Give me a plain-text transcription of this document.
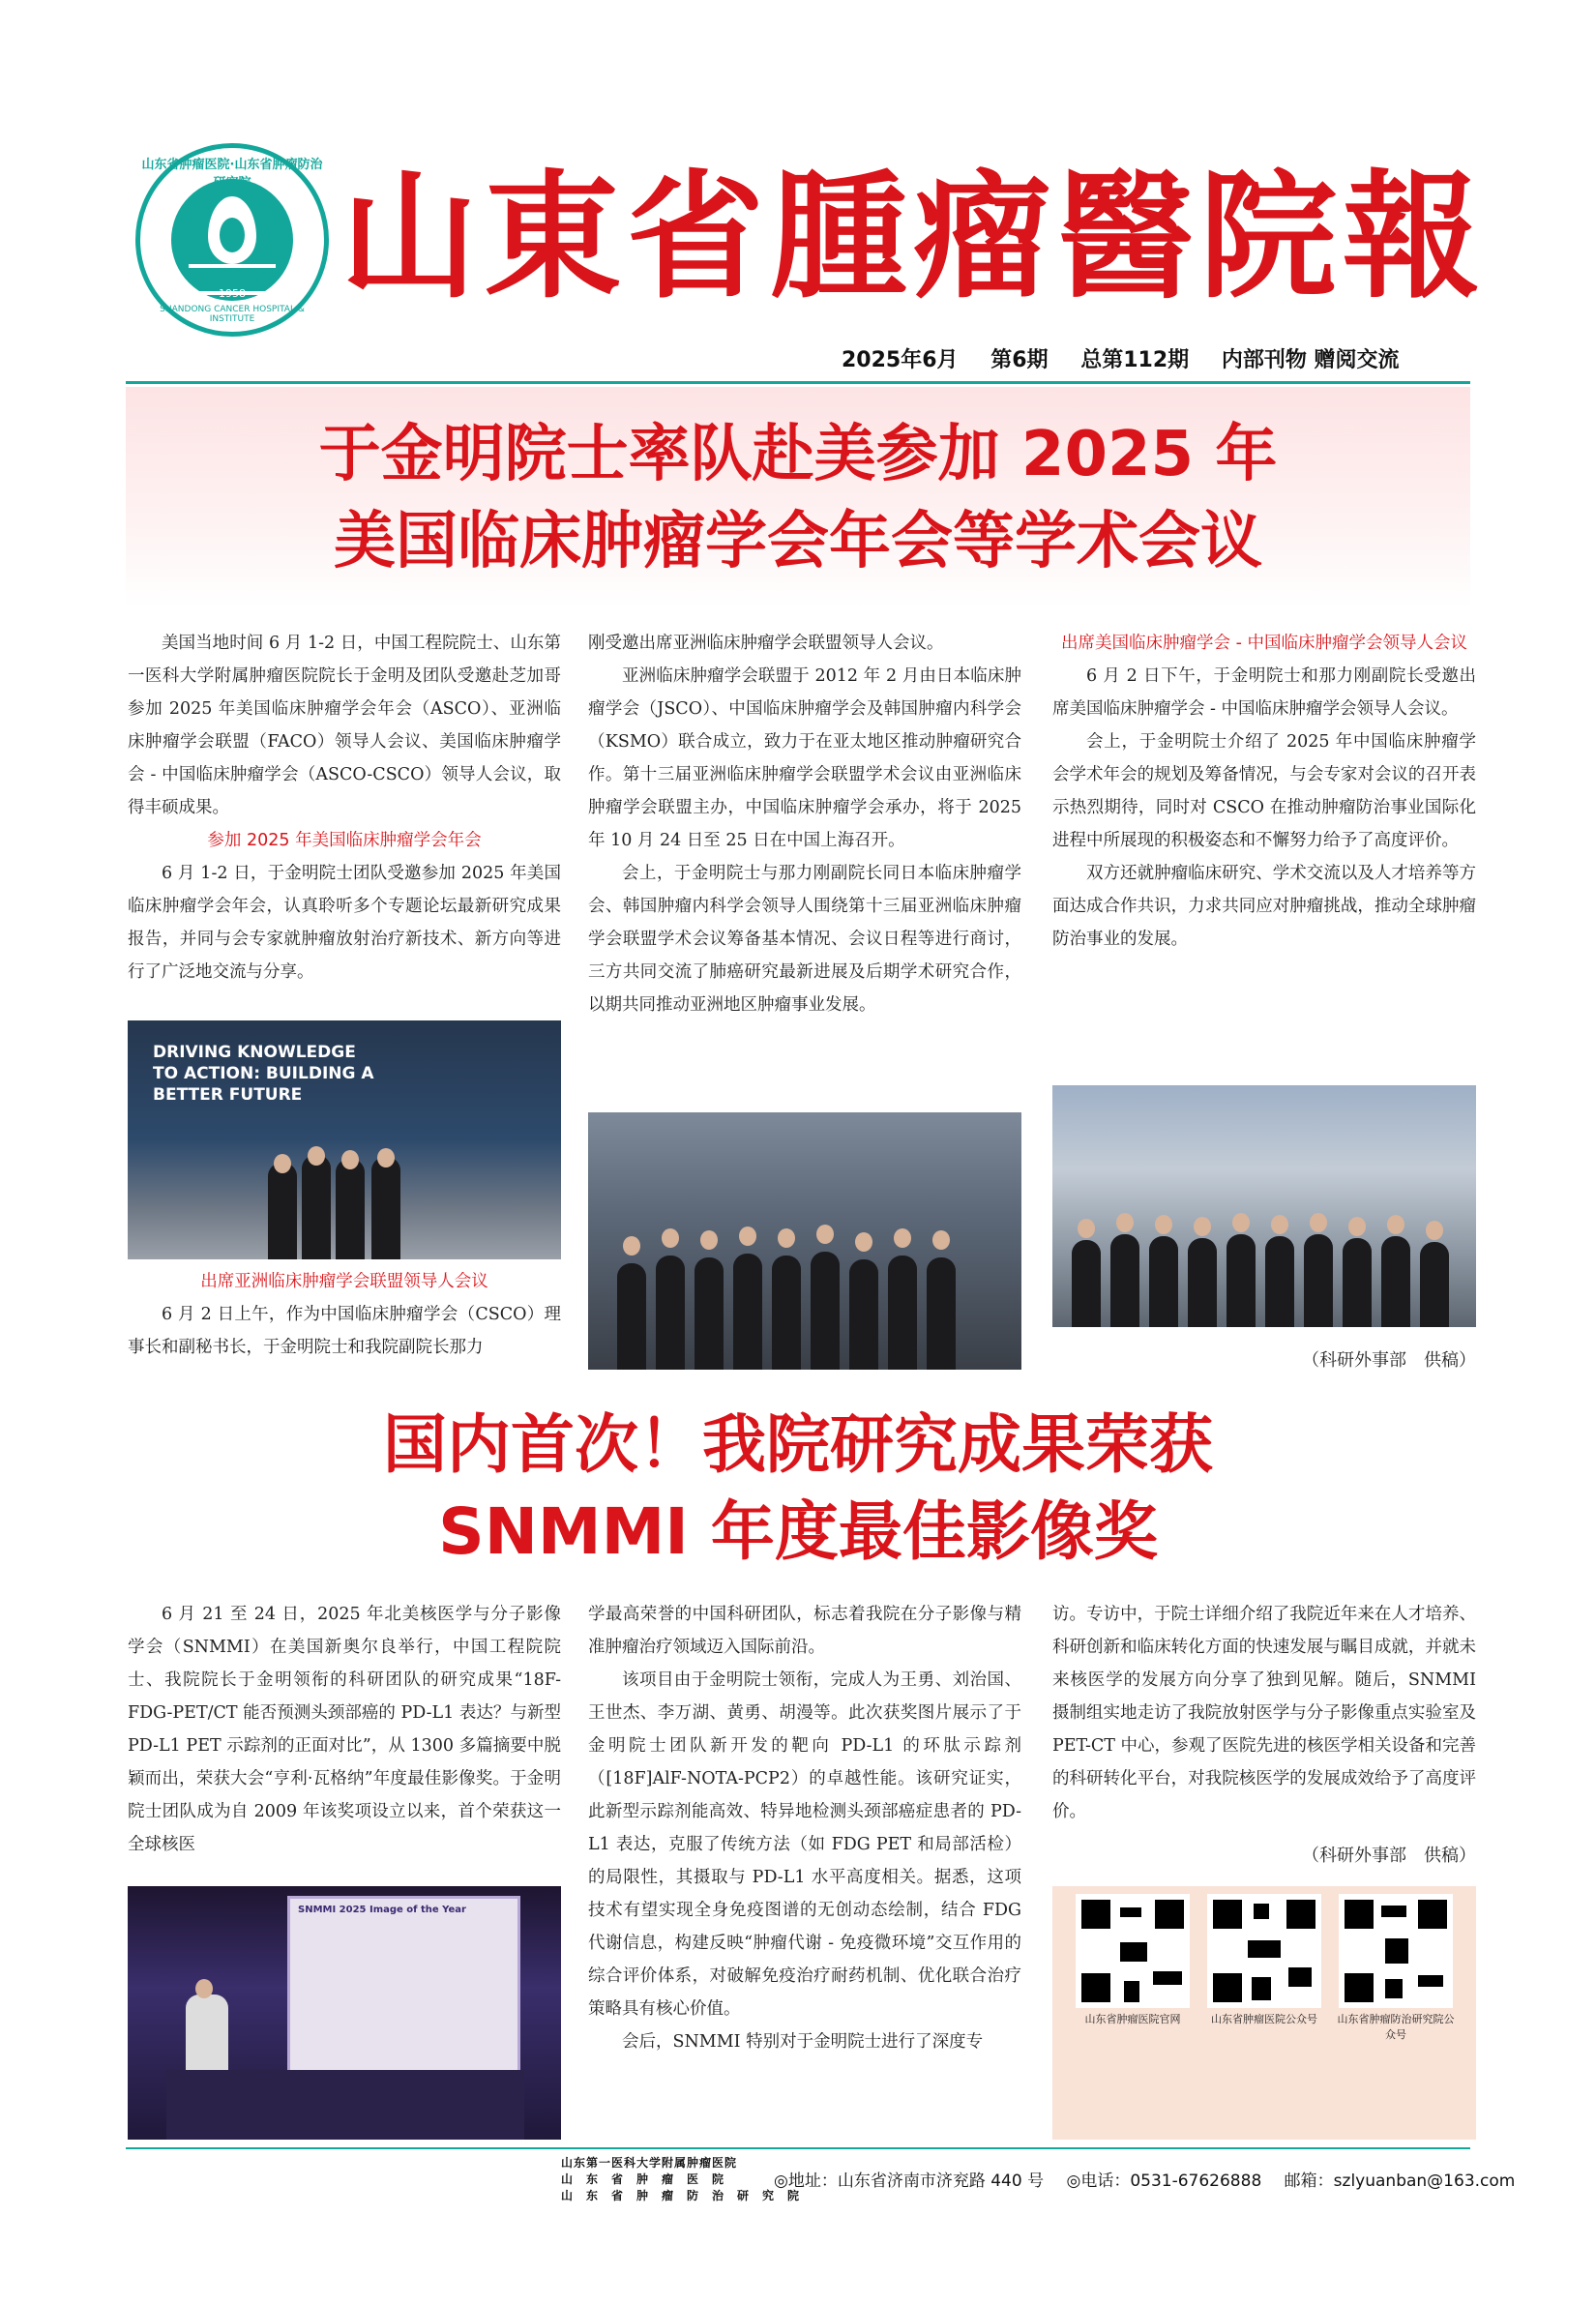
山东省肿瘤医院·山东省肿瘤防治
1958
SHANDONG CANCER HOSPITAL & INSTITUTE
山東省腫瘤醫院報
2025年6月 第6期 总第112期 内部刊物 赠阅交流
于金明院士率队赴美参加 2025 年
美国临床肿瘤学会年会等学术会议

美国当地时间 6 月 1-2 日，中国工程院院士、山东第一医科大学附属肿瘤医院院长于金明及团队受邀赴芝加哥参加 2025 年美国临床肿瘤学会年会（ASCO）、亚洲临床肿瘤学会联盟（FACO）领导人会议、美国临床肿瘤学会 - 中国临床肿瘤学会（ASCO-CSCO）领导人会议，取得丰硕成果。

参加 2025 年美国临床肿瘤学会年会

6 月 1-2 日，于金明院士团队受邀参加 2025 年美国临床肿瘤学会年会，认真聆听多个专题论坛最新研究成果报告，并同与会专家就肿瘤放射治疗新技术、新方向等进行了广泛地交流与分享。

DRIVING KNOWLEDGE TO ACTION: BUILDING A BETTER FUTURE
出席亚洲临床肿瘤学会联盟领导人会议

6 月 2 日上午，作为中国临床肿瘤学会（CSCO）理事长和副秘书长，于金明院士和我院副院长那力

刚受邀出席亚洲临床肿瘤学会联盟领导人会议。

亚洲临床肿瘤学会联盟于 2012 年 2 月由日本临床肿瘤学会（JSCO）、中国临床肿瘤学会及韩国肿瘤内科学会（KSMO）联合成立，致力于在亚太地区推动肿瘤研究合作。第十三届亚洲临床肿瘤学会联盟学术会议由亚洲临床肿瘤学会联盟主办，中国临床肿瘤学会承办，将于 2025 年 10 月 24 日至 25 日在中国上海召开。

会上，于金明院士与那力刚副院长同日本临床肿瘤学会、韩国肿瘤内科学会领导人围绕第十三届亚洲临床肿瘤学会联盟学术会议筹备基本情况、会议日程等进行商讨，三方共同交流了肺癌研究最新进展及后期学术研究合作，以期共同推动亚洲地区肿瘤事业发展。

出席美国临床肿瘤学会 - 中国临床肿瘤学会领导人会议

6 月 2 日下午，于金明院士和那力刚副院长受邀出席美国临床肿瘤学会 - 中国临床肿瘤学会领导人会议。

会上，于金明院士介绍了 2025 年中国临床肿瘤学会学术年会的规划及筹备情况，与会专家对会议的召开表示热烈期待，同时对 CSCO 在推动肿瘤防治事业国际化进程中所展现的积极姿态和不懈努力给予了高度评价。

双方还就肿瘤临床研究、学术交流以及人才培养等方面达成合作共识，力求共同应对肿瘤挑战，推动全球肿瘤防治事业的发展。

（科研外事部　供稿）
国内首次！我院研究成果荣获
SNMMI 年度最佳影像奖

6 月 21 至 24 日，2025 年北美核医学与分子影像学会（SNMMI）在美国新奥尔良举行，中国工程院院士、我院院长于金明领衔的科研团队的研究成果“18F-FDG-PET/CT 能否预测头颈部癌的 PD-L1 表达？与新型 PD-L1 PET 示踪剂的正面对比”，从 1300 多篇摘要中脱颖而出，荣获大会“亨利·瓦格纳”年度最佳影像奖。于金明院士团队成为自 2009 年该奖项设立以来，首个荣获这一全球核医

SNMMI 2025 Image of the Year

学最高荣誉的中国科研团队，标志着我院在分子影像与精准肿瘤治疗领域迈入国际前沿。

该项目由于金明院士领衔，完成人为王勇、刘治国、王世杰、李万湖、黄勇、胡漫等。此次获奖图片展示了于金明院士团队新开发的靶向 PD-L1 的环肽示踪剂（[18F]AlF-NOTA-PCP2）的卓越性能。该研究证实，此新型示踪剂能高效、特异地检测头颈部癌症患者的 PD-L1 表达，克服了传统方法（如 FDG PET 和局部活检）的局限性，其摄取与 PD-L1 水平高度相关。据悉，这项技术有望实现全身免疫图谱的无创动态绘制，结合 FDG 代谢信息，构建反映“肿瘤代谢 - 免疫微环境”交互作用的综合评价体系，对破解免疫治疗耐药机制、优化联合治疗策略具有核心价值。

会后，SNMMI 特别对于金明院士进行了深度专

访。专访中，于院士详细介绍了我院近年来在人才培养、科研创新和临床转化方面的快速发展与瞩目成就，并就未来核医学的发展方向分享了独到见解。随后，SNMMI 摄制组实地走访了我院放射医学与分子影像重点实验室及 PET-CT 中心，参观了医院先进的核医学相关设备和完善的科研转化平台，对我院核医学的发展成效给予了高度评价。

（科研外事部　供稿）
山东省肿瘤医院官网	山东省肿瘤医院公众号	山东省肿瘤防治研究院公众号
山东第一医科大学附属肿瘤医院
山　东　省　肿　瘤　医　院
山　东　省　肿　瘤　防　治　研　究　院
◎地址：山东省济南市济兖路 440 号 ◎电话：0531-67626888 邮箱：szlyuanban@163.com
